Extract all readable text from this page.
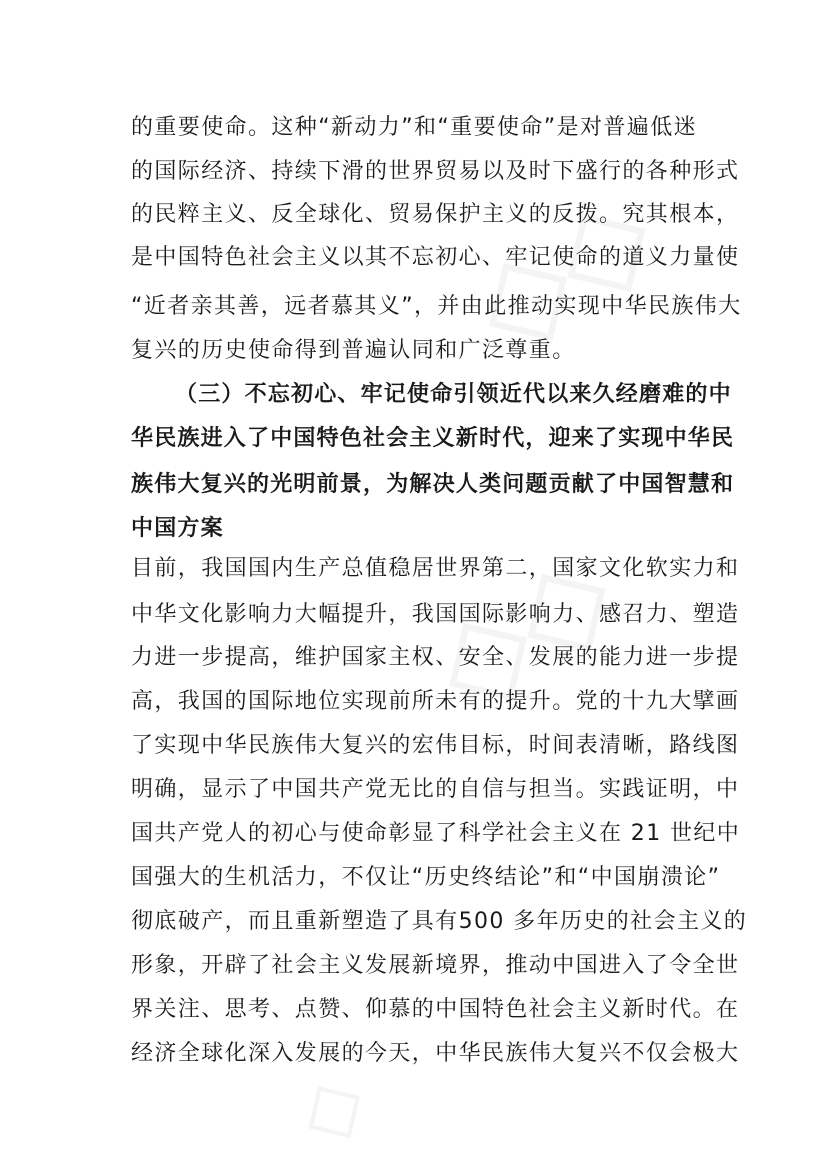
的重要使命。这种“新动力”和“重要使命”是对普遍低迷
的国际经济、持续下滑的世界贸易以及时下盛行的各种形式
的民粹主义、反全球化、贸易保护主义的反拨。究其根本，
是中国特色社会主义以其不忘初心、牢记使命的道义力量使
“近者亲其善，远者慕其义”，并由此推动实现中华民族伟大
复兴的历史使命得到普遍认同和广泛尊重。
（三）不忘初心、牢记使命引领近代以来久经磨难的中
华民族进入了中国特色社会主义新时代，迎来了实现中华民
族伟大复兴的光明前景，为解决人类问题贡献了中国智慧和
中国方案
目前，我国国内生产总值稳居世界第二，国家文化软实力和
中华文化影响力大幅提升，我国国际影响力、感召力、塑造
力进一步提高，维护国家主权、安全、发展的能力进一步提
高，我国的国际地位实现前所未有的提升。党的十九大擘画
了实现中华民族伟大复兴的宏伟目标，时间表清晰，路线图
明确，显示了中国共产党无比的自信与担当。实践证明，中
国共产党人的初心与使命彰显了科学社会主义在 21 世纪中
国强大的生机活力，不仅让“历史终结论”和“中国崩溃论”
彻底破产，而且重新塑造了具有500 多年历史的社会主义的
形象，开辟了社会主义发展新境界，推动中国进入了令全世
界关注、思考、点赞、仰慕的中国特色社会主义新时代。在
经济全球化深入发展的今天，中华民族伟大复兴不仅会极大
